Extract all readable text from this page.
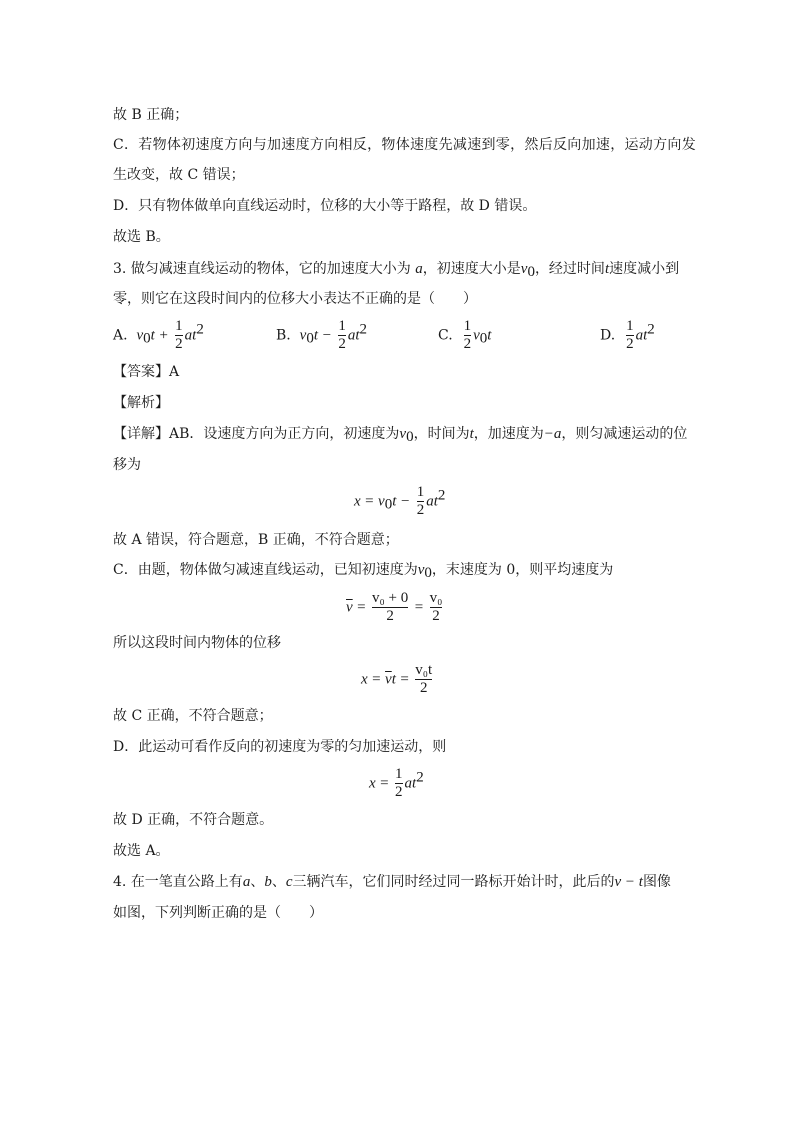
故 B 正确；
C．若物体初速度方向与加速度方向相反，物体速度先减速到零，然后反向加速，运动方向发
生改变，故 C 错误；
D．只有物体做单向直线运动时，位移的大小等于路程，故 D 错误。
故选 B。
3. 做匀减速直线运动的物体，它的加速度大小为 a，初速度大小是$v_0$，经过时间t速度减小到
零，则它在这段时间内的位移大小表达不正确的是（　　）
A. $v_0t + \frac{1}{2} at^2$	B. $v_0t - \frac{1}{2} at^2$	C. $\frac{1}{2} v_0t$	D. $\frac{1}{2} at^2$
【答案】A
【解析】
【详解】AB．设速度方向为正方向，初速度为$v_0$，时间为t，加速度为−a，则匀减速运动的位
移为
$x = v_0t - \frac{1}{2} at^2$
故 A 错误，符合题意，B 正确，不符合题意；
C．由题，物体做匀减速直线运动，已知初速度为$v_0$，末速度为 0，则平均速度为
$\overline{v} = \frac{\text{v₀ + 0}}{2} = \frac{\text{v₀}}{2}$
所以这段时间内物体的位移
$x = \overline{v}t = \frac{\text{v₀t}}{2}$
故 C 正确，不符合题意；
D．此运动可看作反向的初速度为零的匀加速运动，则
$x = \frac{1}{2} at^2$
故 D 正确，不符合题意。
故选 A。
4. 在一笔直公路上有a、b、c三辆汽车，它们同时经过同一路标开始计时，此后的v − t图像
如图，下列判断正确的是（　　）
